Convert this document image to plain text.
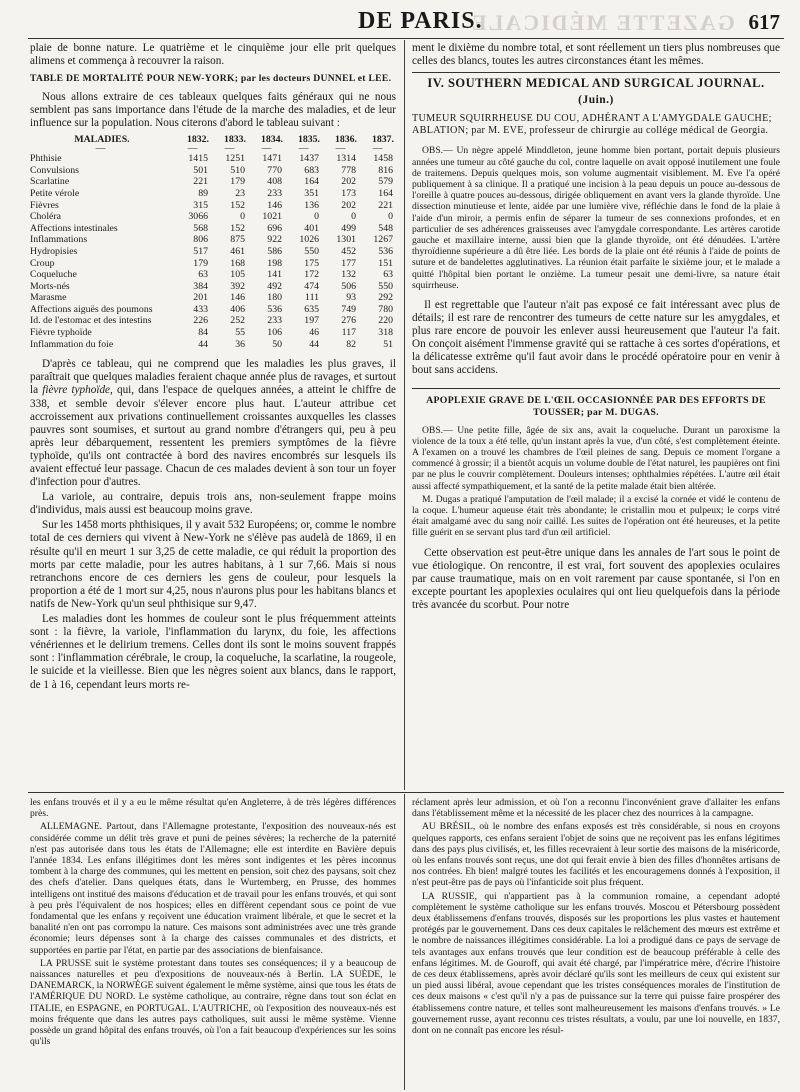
GAZETTE MÉDICALE
DE PARIS.	617

plaie de bonne nature. Le quatrième et le cinquième jour elle prit quelques alimens et commença à recouvrer la raison.

TABLE DE MORTALITÉ POUR NEW-YORK; par les docteurs DUNNEL et LEE.

Nous allons extraire de ces tableaux quelques faits généraux qui ne nous semblent pas sans importance dans l'étude de la marche des maladies, et de leur influence sur la population. Nous citerons d'abord le tableau suivant :

MALADIES.	1832.	1833.	1834.	1835.	1836.	1837.
—	—	—	—	—	—	—
Phthisie	1415	1251	1471	1437	1314	1458
Convulsions	501	510	770	683	778	816
Scarlatine	221	179	408	164	202	579
Petite vérole	89	23	233	351	173	164
Fièvres	315	152	146	136	202	221
Choléra	3066	0	1021	0	0	0
Affections intestinales	568	152	696	401	499	548
Inflammations	806	875	922	1026	1301	1267
Hydropisies	517	461	586	550	452	536
Croup	179	168	198	175	177	151
Coqueluche	63	105	141	172	132	63
Morts-nés	384	392	492	474	506	550
Marasme	201	146	180	111	93	292
Affections aiguës des poumons	433	406	536	635	749	780
Id. de l'estomac et des intestins	226	252	233	197	276	220
Fièvre typhoïde	84	55	106	46	117	318
Inflammation du foie	44	36	50	44	82	51

D'après ce tableau, qui ne comprend que les maladies les plus graves, il paraîtrait que quelques maladies feraient chaque année plus de ravages, et surtout la fièvre typhoïde, qui, dans l'espace de quelques années, a atteint le chiffre de 338, et semble devoir s'élever encore plus haut. L'auteur attribue cet accroissement aux privations continuellement croissantes auxquelles les classes pauvres sont soumises, et surtout au grand nombre d'étrangers qui, peu à peu après leur débarquement, ressentent les premiers symptômes de la fièvre typhoïde, qu'ils ont contractée à bord des navires encombrés sur lesquels ils avaient effectué leur passage. Chacun de ces malades devient à son tour un foyer d'infection pour d'autres.

La variole, au contraire, depuis trois ans, non-seulement frappe moins d'individus, mais aussi est beaucoup moins grave.

Sur les 1458 morts phthisiques, il y avait 532 Européens; or, comme le nombre total de ces derniers qui vivent à New-York ne s'élève pas audelà de 1869, il en résulte qu'il en meurt 1 sur 3,25 de cette maladie, ce qui réduit la proportion des morts par cette maladie, pour les autres habitans, à 1 sur 7,66. Mais si nous retranchons encore de ces derniers les gens de couleur, pour lesquels la proportion a été de 1 mort sur 4,25, nous n'aurons plus pour les habitans blancs et natifs de New-York qu'un seul phthisique sur 9,47.

Les maladies dont les hommes de couleur sont le plus fréquemment atteints sont : la fièvre, la variole, l'inflammation du larynx, du foie, les affections vénériennes et le delirium tremens. Celles dont ils sont le moins souvent frappés sont : l'inflammation cérébrale, le croup, la coqueluche, la scarlatine, la rougeole, le suicide et la vieillesse. Bien que les nègres soient aux blancs, dans le rapport, de 1 à 16, cependant leurs morts re-

ment le dixième du nombre total, et sont réellement un tiers plus nombreuses que celles des blancs, toutes les autres circonstances étant les mêmes.

IV. SOUTHERN MEDICAL AND SURGICAL JOURNAL.
(Juin.)
TUMEUR SQUIRRHEUSE DU COU, ADHÉRANT A L'AMYGDALE GAUCHE; ABLATION; par M. EVE, professeur de chirurgie au collége médical de Georgia.

OBS.— Un nègre appelé Minddleton, jeune homme bien portant, portait depuis plusieurs années une tumeur au côté gauche du col, contre laquelle on avait opposé inutilement une foule de traitemens. Depuis quelques mois, son volume augmentait visiblement. M. Eve l'a opéré publiquement à sa clinique. Il a pratiqué une incision à la peau depuis un pouce au-dessous de l'oreille à quatre pouces au-dessous, dirigée obliquement en avant vers la glande thyroïde. Une dissection minutieuse et lente, aidée par une lumière vive, réfléchie dans le fond de la plaie à l'aide d'un miroir, a permis enfin de séparer la tumeur de ses connexions profondes, et en particulier de ses adhérences graisseuses avec l'amygdale correspondante. Les artères carotide gauche et maxillaire interne, aussi bien que la glande thyroïde, ont été dénudées. L'artère thyroïdienne supérieure a dû être liée. Les bords de la plaie ont été réunis à l'aide de points de suture et de bandelettes agglutinatives. La réunion était parfaite le sixième jour, et le malade a quitté l'hôpital bien portant le onzième. La tumeur pesait une demi-livre, sa nature était squirrheuse.

Il est regrettable que l'auteur n'ait pas exposé ce fait intéressant avec plus de détails; il est rare de rencontrer des tumeurs de cette nature sur les amygdales, et plus rare encore de pouvoir les enlever aussi heureusement que l'auteur l'a fait. On conçoit aisément l'immense gravité qui se rattache à ces sortes d'opérations, et la délicatesse extrême qu'il faut avoir dans le procédé opératoire pour en venir à bout sans accidens.

APOPLEXIE GRAVE DE L'ŒIL OCCASIONNÉE PAR DES EFFORTS DE TOUSSER; par M. DUGAS.

OBS.— Une petite fille, âgée de six ans, avait la coqueluche. Durant un paroxisme la violence de la toux a été telle, qu'un instant après la vue, d'un côté, s'est complètement éteinte. A l'examen on a trouvé les chambres de l'œil pleines de sang. Depuis ce moment l'organe a commencé à grossir; il a bientôt acquis un volume double de l'état naturel, les paupières ont fini par ne plus le couvrir complètement. Douleurs intenses; ophthalmies répétées. L'autre œil était aussi affecté sympathiquement, et la santé de la petite malade était bien altérée.

M. Dugas a pratiqué l'amputation de l'œil malade; il a excisé la cornée et vidé le contenu de la coque. L'humeur aqueuse était très abondante; le cristallin mou et pulpeux; le corps vitré était amalgamé avec du sang noir caillé. Les suites de l'opération ont été heureuses, et la petite fille guérit en se servant plus tard d'un œil artificiel.

Cette observation est peut-être unique dans les annales de l'art sous le point de vue étiologique. On rencontre, il est vrai, fort souvent des apoplexies oculaires par cause traumatique, mais on en voit rarement par cause spontanée, si l'on en excepte pourtant les apoplexies oculaires qui ont lieu quelquefois dans la période très avancée du scorbut. Pour notre

les enfans trouvés et il y a eu le même résultat qu'en Angleterre, à de très légères différences près.

ALLEMAGNE. Partout, dans l'Allemagne protestante, l'exposition des nouveaux-nés est considérée comme un délit très grave et puni de peines sévères; la recherche de la paternité n'est pas autorisée dans tous les états de l'Allemagne; elle est interdite en Bavière depuis l'année 1834. Les enfans illégitimes dont les mères sont indigentes et les pères inconnus tombent à la charge des communes, qui les mettent en pension, soit chez des paysans, soit chez des chefs d'atelier. Dans quelques états, dans le Wurtemberg, en Prusse, des hommes intelligens ont institué des maisons d'éducation et de travail pour les enfans trouvés, et qui sont à peu près l'équivalent de nos hospices; elles en diffèrent cependant sous ce point de vue fondamental que les enfans y reçoivent une éducation vraiment libérale, et que le secret et la banalité n'en ont pas corrompu la nature. Ces maisons sont administrées avec une très grande économie; leurs dépenses sont à la charge des caisses communales et des districts, et supportées en partie par l'état, en partie par des associations de bienfaisance.

LA PRUSSE suit le système protestant dans toutes ses conséquences; il y a beaucoup de naissances naturelles et peu d'expositions de nouveaux-nés à Berlin. LA SUÈDE, le DANEMARCK, la NORWÉGE suivent également le même système, ainsi que tous les états de l'AMÉRIQUE DU NORD. Le système catholique, au contraire, règne dans tout son éclat en ITALIE, en ESPAGNE, en PORTUGAL. L'AUTRICHE, où l'exposition des nouveaux-nés est moins fréquente que dans les autres pays catholiques, suit aussi le même système. Vienne possède un grand hôpital des enfans trouvés, où l'on a fait beaucoup d'expériences sur les soins qu'ils

réclament après leur admission, et où l'on a reconnu l'inconvénient grave d'allaiter les enfans dans l'établissement même et la nécessité de les placer chez des nourrices à la campagne.

AU BRÉSIL, où le nombre des enfans exposés est très considérable, si nous en croyons quelques rapports, ces enfans seraient l'objet de soins que ne reçoivent pas les enfans légitimes dans des pays plus civilisés, et, les filles recevraient à leur sortie des maisons de la miséricorde, où les enfans trouvés sont reçus, une dot qui ferait envie à bien des filles d'honnêtes artisans de nos contrées. Eh bien! malgré toutes les facilités et les encouragemens donnés à l'exposition, il n'est peut-être pas de pays où l'infanticide soit plus fréquent.

LA RUSSIE, qui n'appartient pas à la communion romaine, a cependant adopté complètement le système catholique sur les enfans trouvés. Moscou et Pétersbourg possèdent deux établissemens d'enfans trouvés, disposés sur les proportions les plus vastes et hautement protégés par le gouvernement. Dans ces deux capitales le relâchement des mœurs est extrême et le nombre de naissances illégitimes considérable. La loi a prodigué dans ce pays de servage de tels avantages aux enfans trouvés que leur condition est de beaucoup préférable à celle des enfans légitimes. M. de Gouroff, qui avait été chargé, par l'impératrice mère, d'écrire l'histoire de ces deux établissemens, après avoir déclaré qu'ils sont les meilleurs de ceux qui existent sur un pied aussi libéral, avoue cependant que les tristes conséquences morales de l'institution de ces deux maisons « c'est qu'il n'y a pas de puissance sur la terre qui puisse faire prospérer des établissemens contre nature, et telles sont malheureusement les maisons d'enfans trouvés. » Le gouvernement russe, ayant reconnu ces tristes résultats, a voulu, par une loi nouvelle, en 1837, dont on ne connaît pas encore les résul-
